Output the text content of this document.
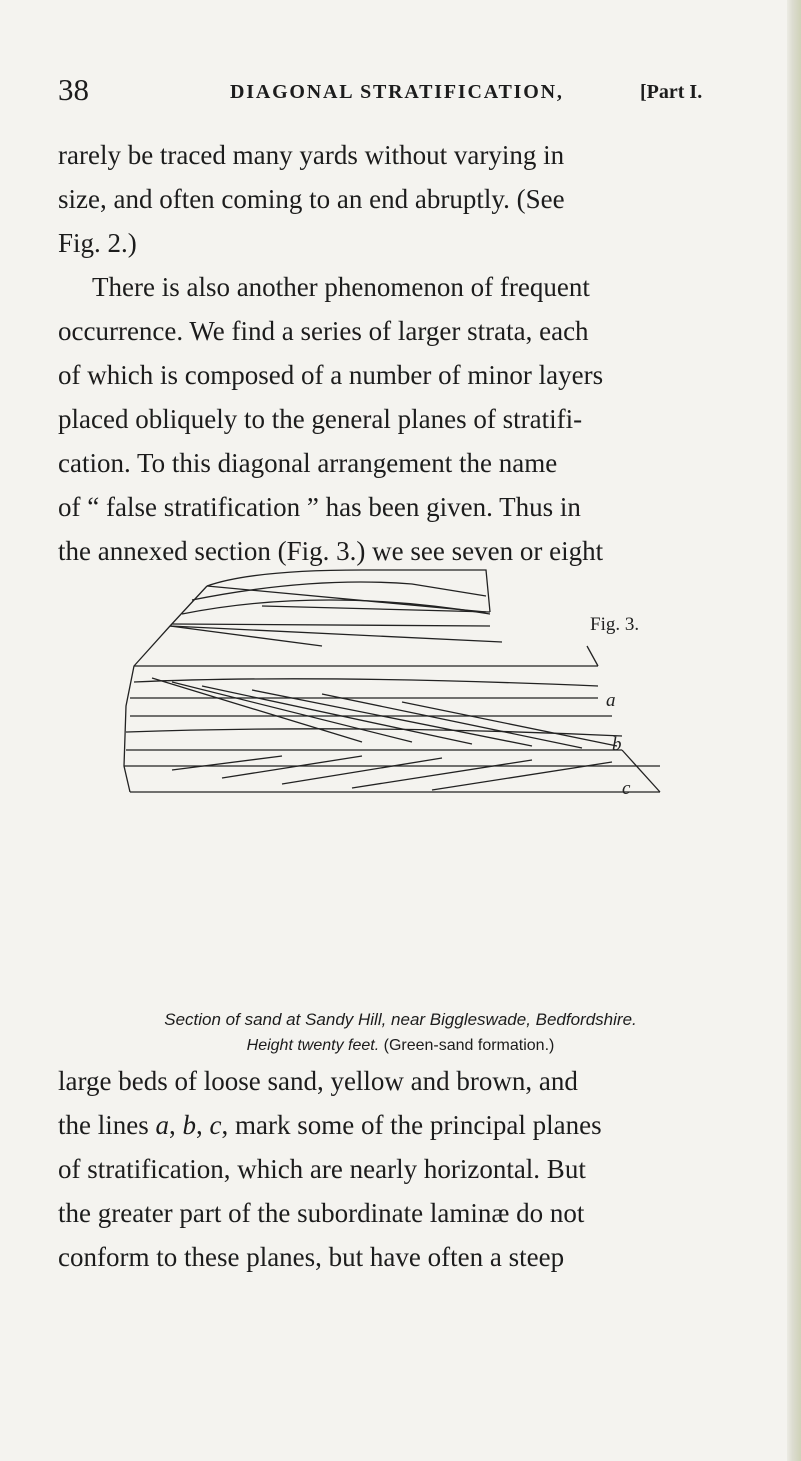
38	DIAGONAL STRATIFICATION,	[Part I.
rarely be traced many yards without varying in
size, and often coming to an end abruptly. (See
Fig. 2.)
There is also another phenomenon of frequent
occurrence. We find a series of larger strata, each
of which is composed of a number of minor layers
placed obliquely to the general planes of stratifi-
cation. To this diagonal arrangement the name
of “ false stratification ” has been given. Thus in
the annexed section (Fig. 3.) we see seven or eight
Fig. 3.
a
b
c
Section of sand at Sandy Hill, near Biggleswade, Bedfordshire.
Height twenty feet. (Green-sand formation.)
large beds of loose sand, yellow and brown, and
the lines a, b, c, mark some of the principal planes
of stratification, which are nearly horizontal. But
the greater part of the subordinate laminæ do not
conform to these planes, but have often a steep
